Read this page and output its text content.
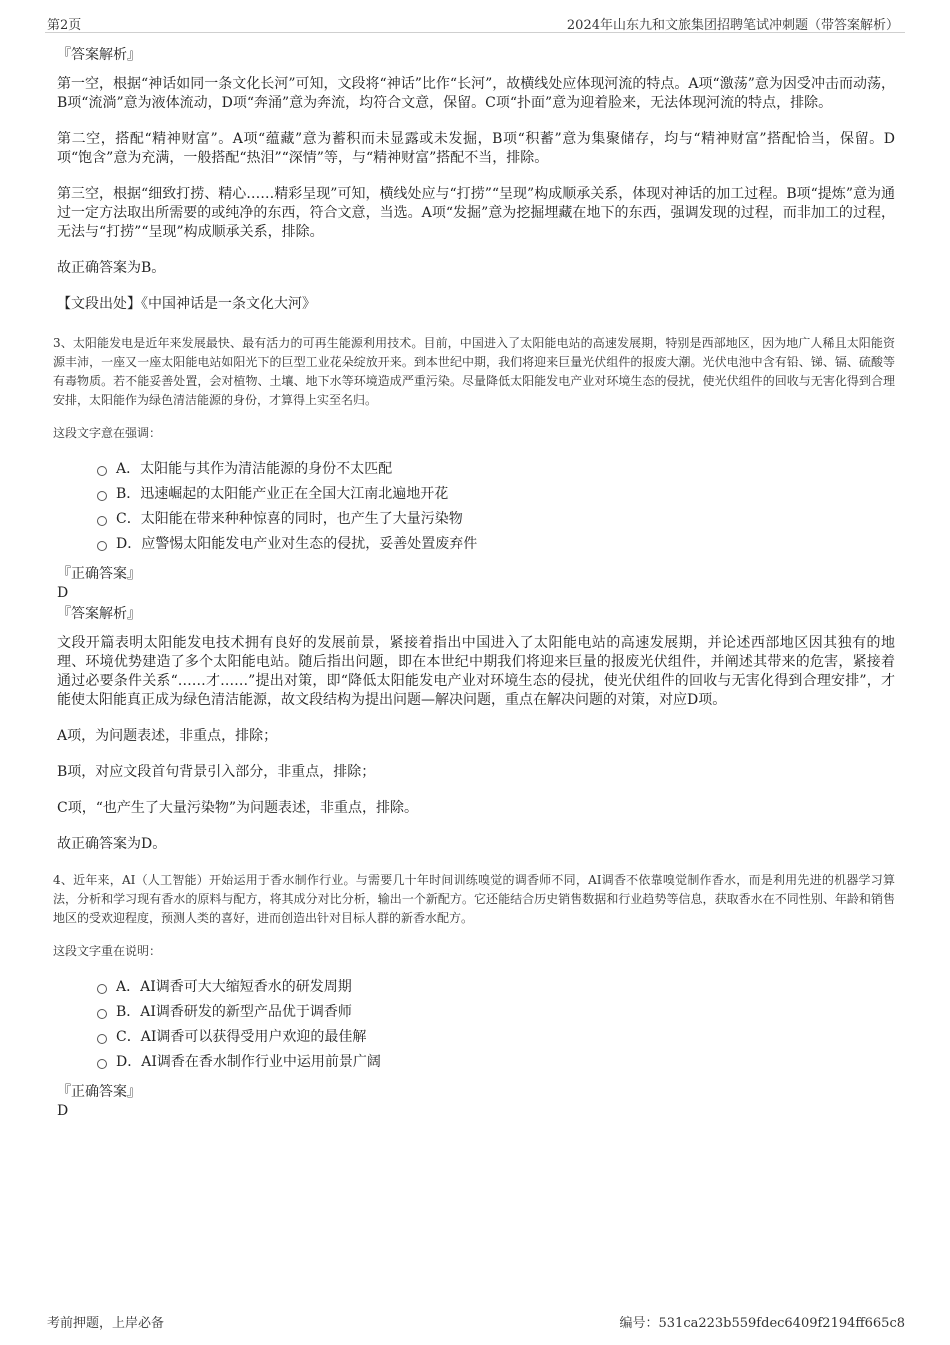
第2页	2024年山东九和文旅集团招聘笔试冲刺题（带答案解析）
『答案解析』

第一空，根据“神话如同一条文化长河”可知，文段将“神话”比作“长河”，故横线处应体现河流的特点。A项“激荡”意为因受冲击而动荡，B项“流淌”意为液体流动，D项“奔涌”意为奔流，均符合文意，保留。C项“扑面”意为迎着脸来，无法体现河流的特点，排除。

第二空，搭配“精神财富”。A项“蕴藏”意为蓄积而未显露或未发掘，B项“积蓄”意为集聚储存，均与“精神财富”搭配恰当，保留。D项“饱含”意为充满，一般搭配“热泪”“深情”等，与“精神财富”搭配不当，排除。

第三空，根据“细致打捞、精心……精彩呈现”可知，横线处应与“打捞”“呈现”构成顺承关系，体现对神话的加工过程。B项“提炼”意为通过一定方法取出所需要的或纯净的东西，符合文意，当选。A项“发掘”意为挖掘埋藏在地下的东西，强调发现的过程，而非加工的过程，无法与“打捞”“呈现”构成顺承关系，排除。

故正确答案为B。

【文段出处】《中国神话是一条文化大河》

3、太阳能发电是近年来发展最快、最有活力的可再生能源利用技术。目前，中国进入了太阳能电站的高速发展期，特别是西部地区，因为地广人稀且太阳能资源丰沛，一座又一座太阳能电站如阳光下的巨型工业花朵绽放开来。到本世纪中期，我们将迎来巨量光伏组件的报废大潮。光伏电池中含有铅、锑、镉、硫酸等有毒物质。若不能妥善处置，会对植物、土壤、地下水等环境造成严重污染。尽量降低太阳能发电产业对环境生态的侵扰，使光伏组件的回收与无害化得到合理安排，太阳能作为绿色清洁能源的身份，才算得上实至名归。

这段文字意在强调：

A．太阳能与其作为清洁能源的身份不太匹配
B．迅速崛起的太阳能产业正在全国大江南北遍地开花
C．太阳能在带来种种惊喜的同时，也产生了大量污染物
D．应警惕太阳能发电产业对生态的侵扰，妥善处置废弃件

『正确答案』

D

『答案解析』

文段开篇表明太阳能发电技术拥有良好的发展前景，紧接着指出中国进入了太阳能电站的高速发展期，并论述西部地区因其独有的地理、环境优势建造了多个太阳能电站。随后指出问题，即在本世纪中期我们将迎来巨量的报废光伏组件，并阐述其带来的危害，紧接着通过必要条件关系“……才……”提出对策，即“降低太阳能发电产业对环境生态的侵扰，使光伏组件的回收与无害化得到合理安排”，才能使太阳能真正成为绿色清洁能源，故文段结构为提出问题—解决问题，重点在解决问题的对策，对应D项。

A项，为问题表述，非重点，排除；

B项，对应文段首句背景引入部分，非重点，排除；

C项，“也产生了大量污染物”为问题表述，非重点，排除。

故正确答案为D。

4、近年来，AI（人工智能）开始运用于香水制作行业。与需要几十年时间训练嗅觉的调香师不同，AI调香不依靠嗅觉制作香水，而是利用先进的机器学习算法，分析和学习现有香水的原料与配方，将其成分对比分析，输出一个新配方。它还能结合历史销售数据和行业趋势等信息，获取香水在不同性别、年龄和销售地区的受欢迎程度，预测人类的喜好，进而创造出针对目标人群的新香水配方。

这段文字重在说明：

A．AI调香可大大缩短香水的研发周期
B．AI调香研发的新型产品优于调香师
C．AI调香可以获得受用户欢迎的最佳解
D．AI调香在香水制作行业中运用前景广阔

『正确答案』

D

考前押题，上岸必备	编号：531ca223b559fdec6409f2194ff665c8
